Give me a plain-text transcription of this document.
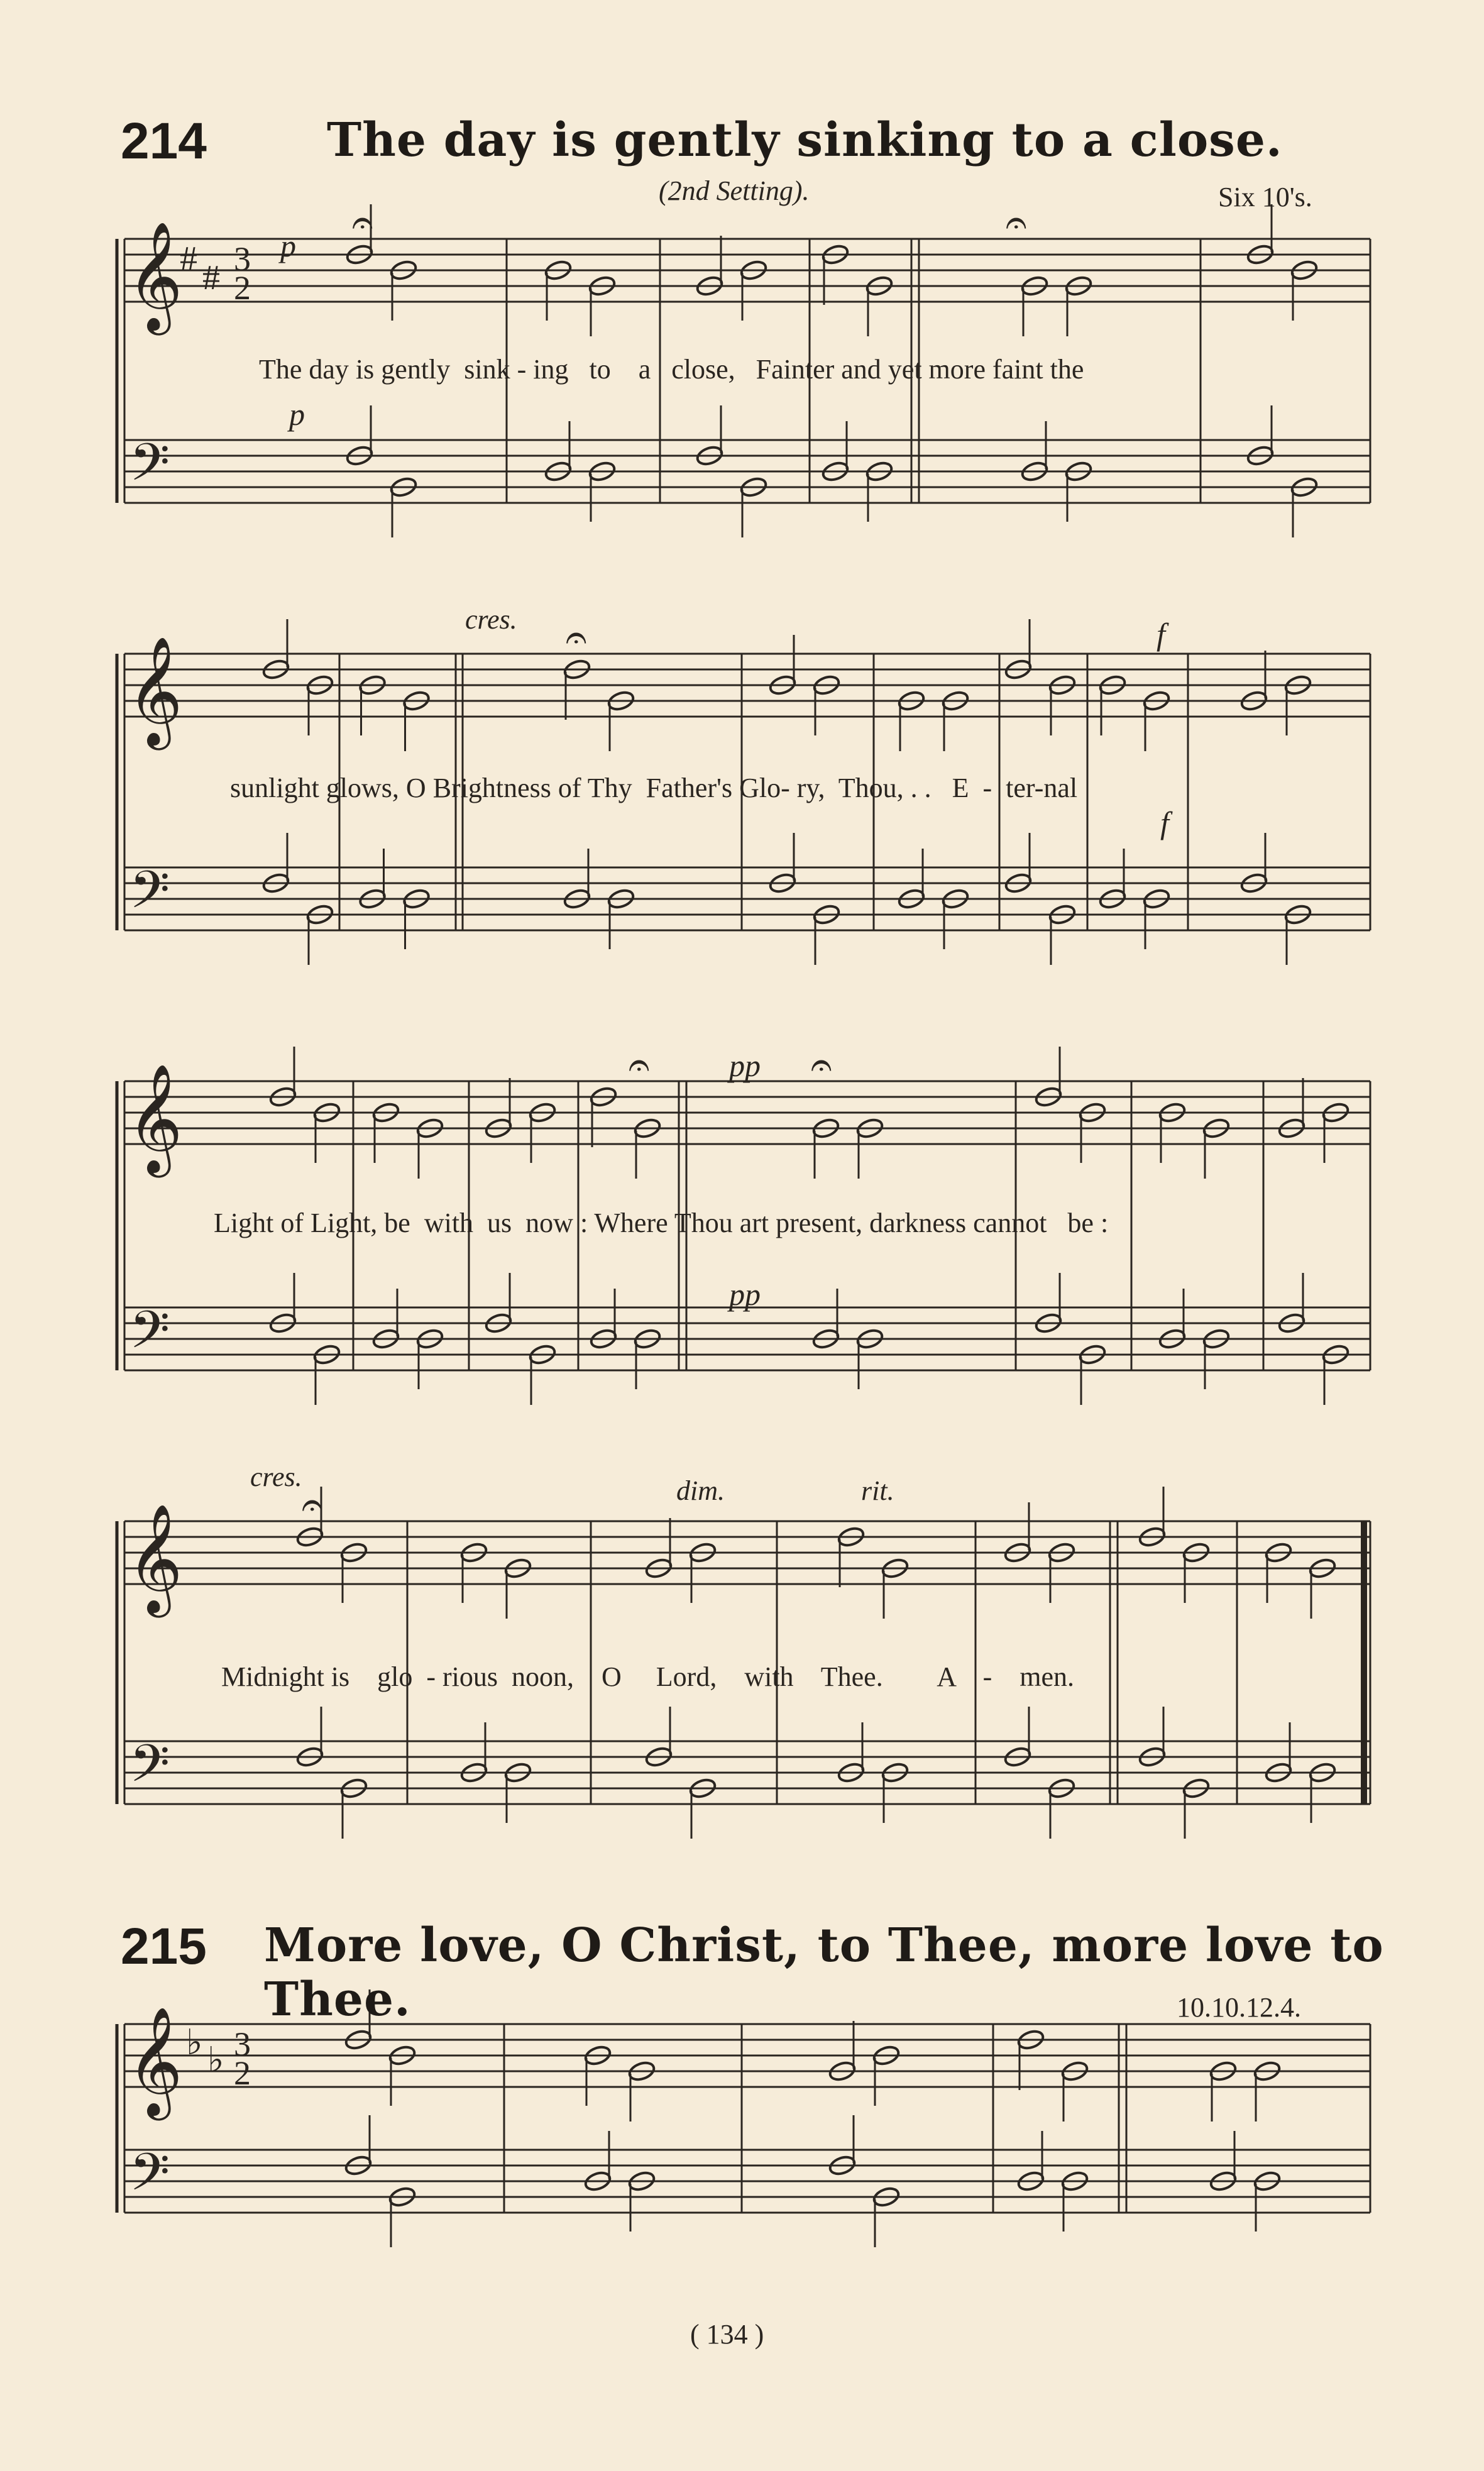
214	The day is gently sinking to a close.
(2nd Setting).	Six 10's.
𝄞
𝄢
𝄞
𝄢
𝄞
𝄢
𝄞
𝄢
𝄞
𝄢
# # 3
2
3
2
♭ ♭
p
p
cres.	f
f
pp
pp
cres.	dim.	rit.
𝄐	𝄐
𝄐
𝄐	𝄐
𝄐
The day is gently  sink - ing   to    a   close,   Fainter and yet more faint the
sunlight glows, O Brightness of Thy  Father's Glo- ry,  Thou, . .   E  -  ter-nal
Light of Light, be  with  us  now : Where Thou art present, darkness cannot   be :
Midnight is    glo  - rious  noon,    O     Lord,    with    Thee.        A    -    men.
215 More love, O Christ, to Thee, more love to Thee.	10.10.12.4.
( 134 )
